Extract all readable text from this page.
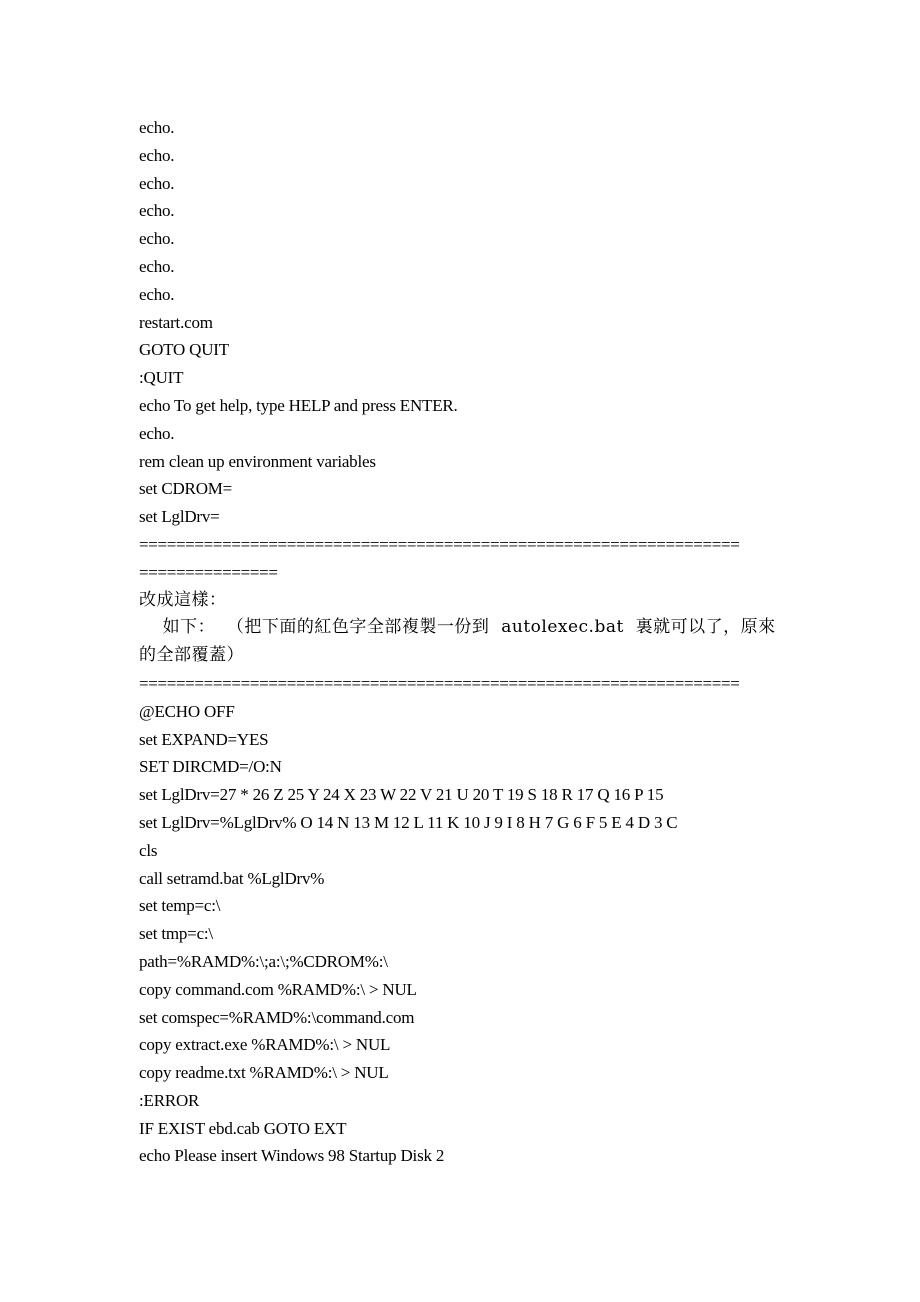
echo.
echo.
echo.
echo.
echo.
echo.
echo.
restart.com
GOTO QUIT
:QUIT
echo To get help, type HELP and press ENTER.
echo.
rem clean up environment variables
set CDROM=
set LglDrv=
=================================================================
===============
改成這樣：
如下：  （把下面的紅色字全部複製一份到  autolexec.bat  裏就可以了，原來
的全部覆蓋）
=================================================================
@ECHO OFF
set EXPAND=YES
SET DIRCMD=/O:N
set LglDrv=27 * 26 Z 25 Y 24 X 23 W 22 V 21 U 20 T 19 S 18 R 17 Q 16 P 15
set LglDrv=%LglDrv% O 14 N 13 M 12 L 11 K 10 J 9 I 8 H 7 G 6 F 5 E 4 D 3 C
cls
call setramd.bat %LglDrv%
set temp=c:\
set tmp=c:\
path=%RAMD%:\;a:\;%CDROM%:\
copy command.com %RAMD%:\ > NUL
set comspec=%RAMD%:\command.com
copy extract.exe %RAMD%:\ > NUL
copy readme.txt %RAMD%:\ > NUL
:ERROR
IF EXIST ebd.cab GOTO EXT
echo Please insert Windows 98 Startup Disk 2
